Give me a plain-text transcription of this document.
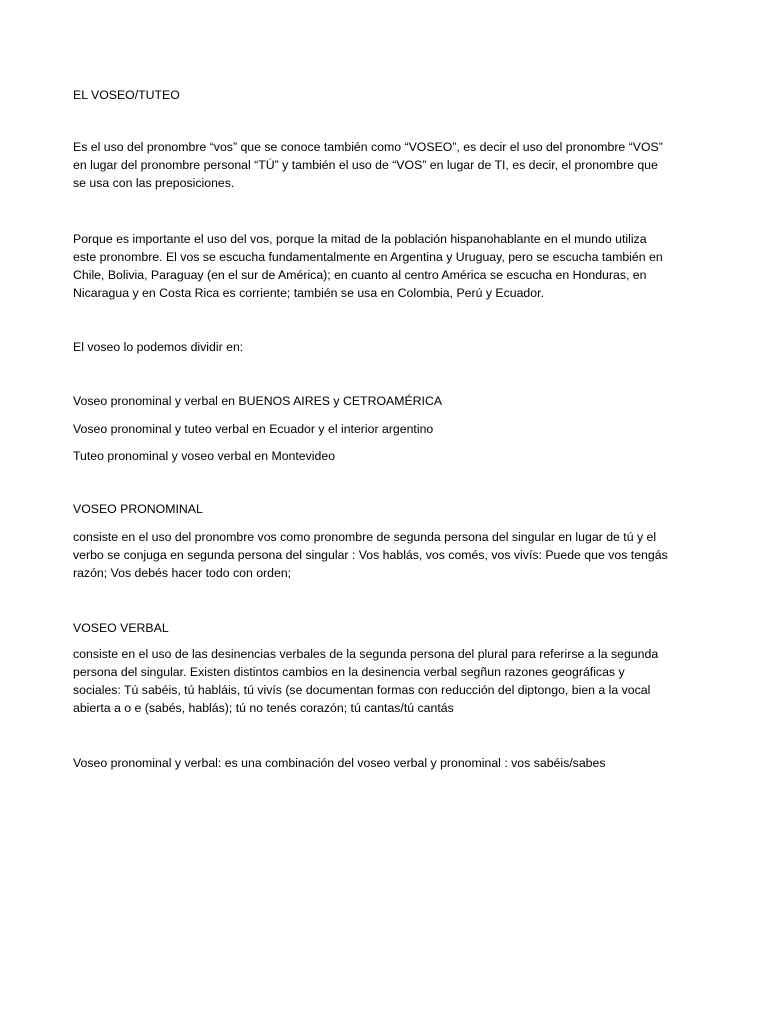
EL VOSEO/TUTEO

Es el uso del pronombre “vos” que se conoce también como “VOSEO”, es decir el uso del pronombre “VOS”
en lugar del pronombre personal “TÚ” y también el uso de “VOS” en lugar de TI, es decir, el pronombre que
se usa con las preposiciones.
Porque es importante el uso del vos, porque la mitad de la población hispanohablante en el mundo utiliza
este pronombre. El vos se escucha fundamentalmente en Argentina y Uruguay, pero se escucha también en
Chile, Bolivia, Paraguay (en el sur de América); en cuanto al centro América se escucha en Honduras, en
Nicaragua y en Costa Rica es corriente; también se usa en Colombia, Perú y Ecuador.

El voseo lo podemos dividir en:

Voseo pronominal y verbal en BUENOS AIRES y CETROAMÉRICA

Voseo pronominal y tuteo verbal en Ecuador y el interior argentino

Tuteo pronominal y voseo verbal en Montevideo

VOSEO PRONOMINAL

consiste en el uso del pronombre vos como pronombre de segunda persona del singular en lugar de tú y el
verbo se conjuga en segunda persona del singular : Vos hablás, vos comés, vos vivís: Puede que vos tengás
razón; Vos debés hacer todo con orden;

VOSEO VERBAL

consiste en el uso de las desinencias verbales de la segunda persona del plural para referirse a la segunda
persona del singular. Existen distintos cambios en la desinencia verbal segñun razones geográficas y
sociales: Tú sabéis, tú habláis, tú vivís (se documentan formas con reducción del diptongo, bien a la vocal
abierta a o e (sabés, hablás); tú no tenés corazón; tú cantas/tú cantás

Voseo pronominal y verbal: es una combinación del voseo verbal y pronominal : vos sabéis/sabes
